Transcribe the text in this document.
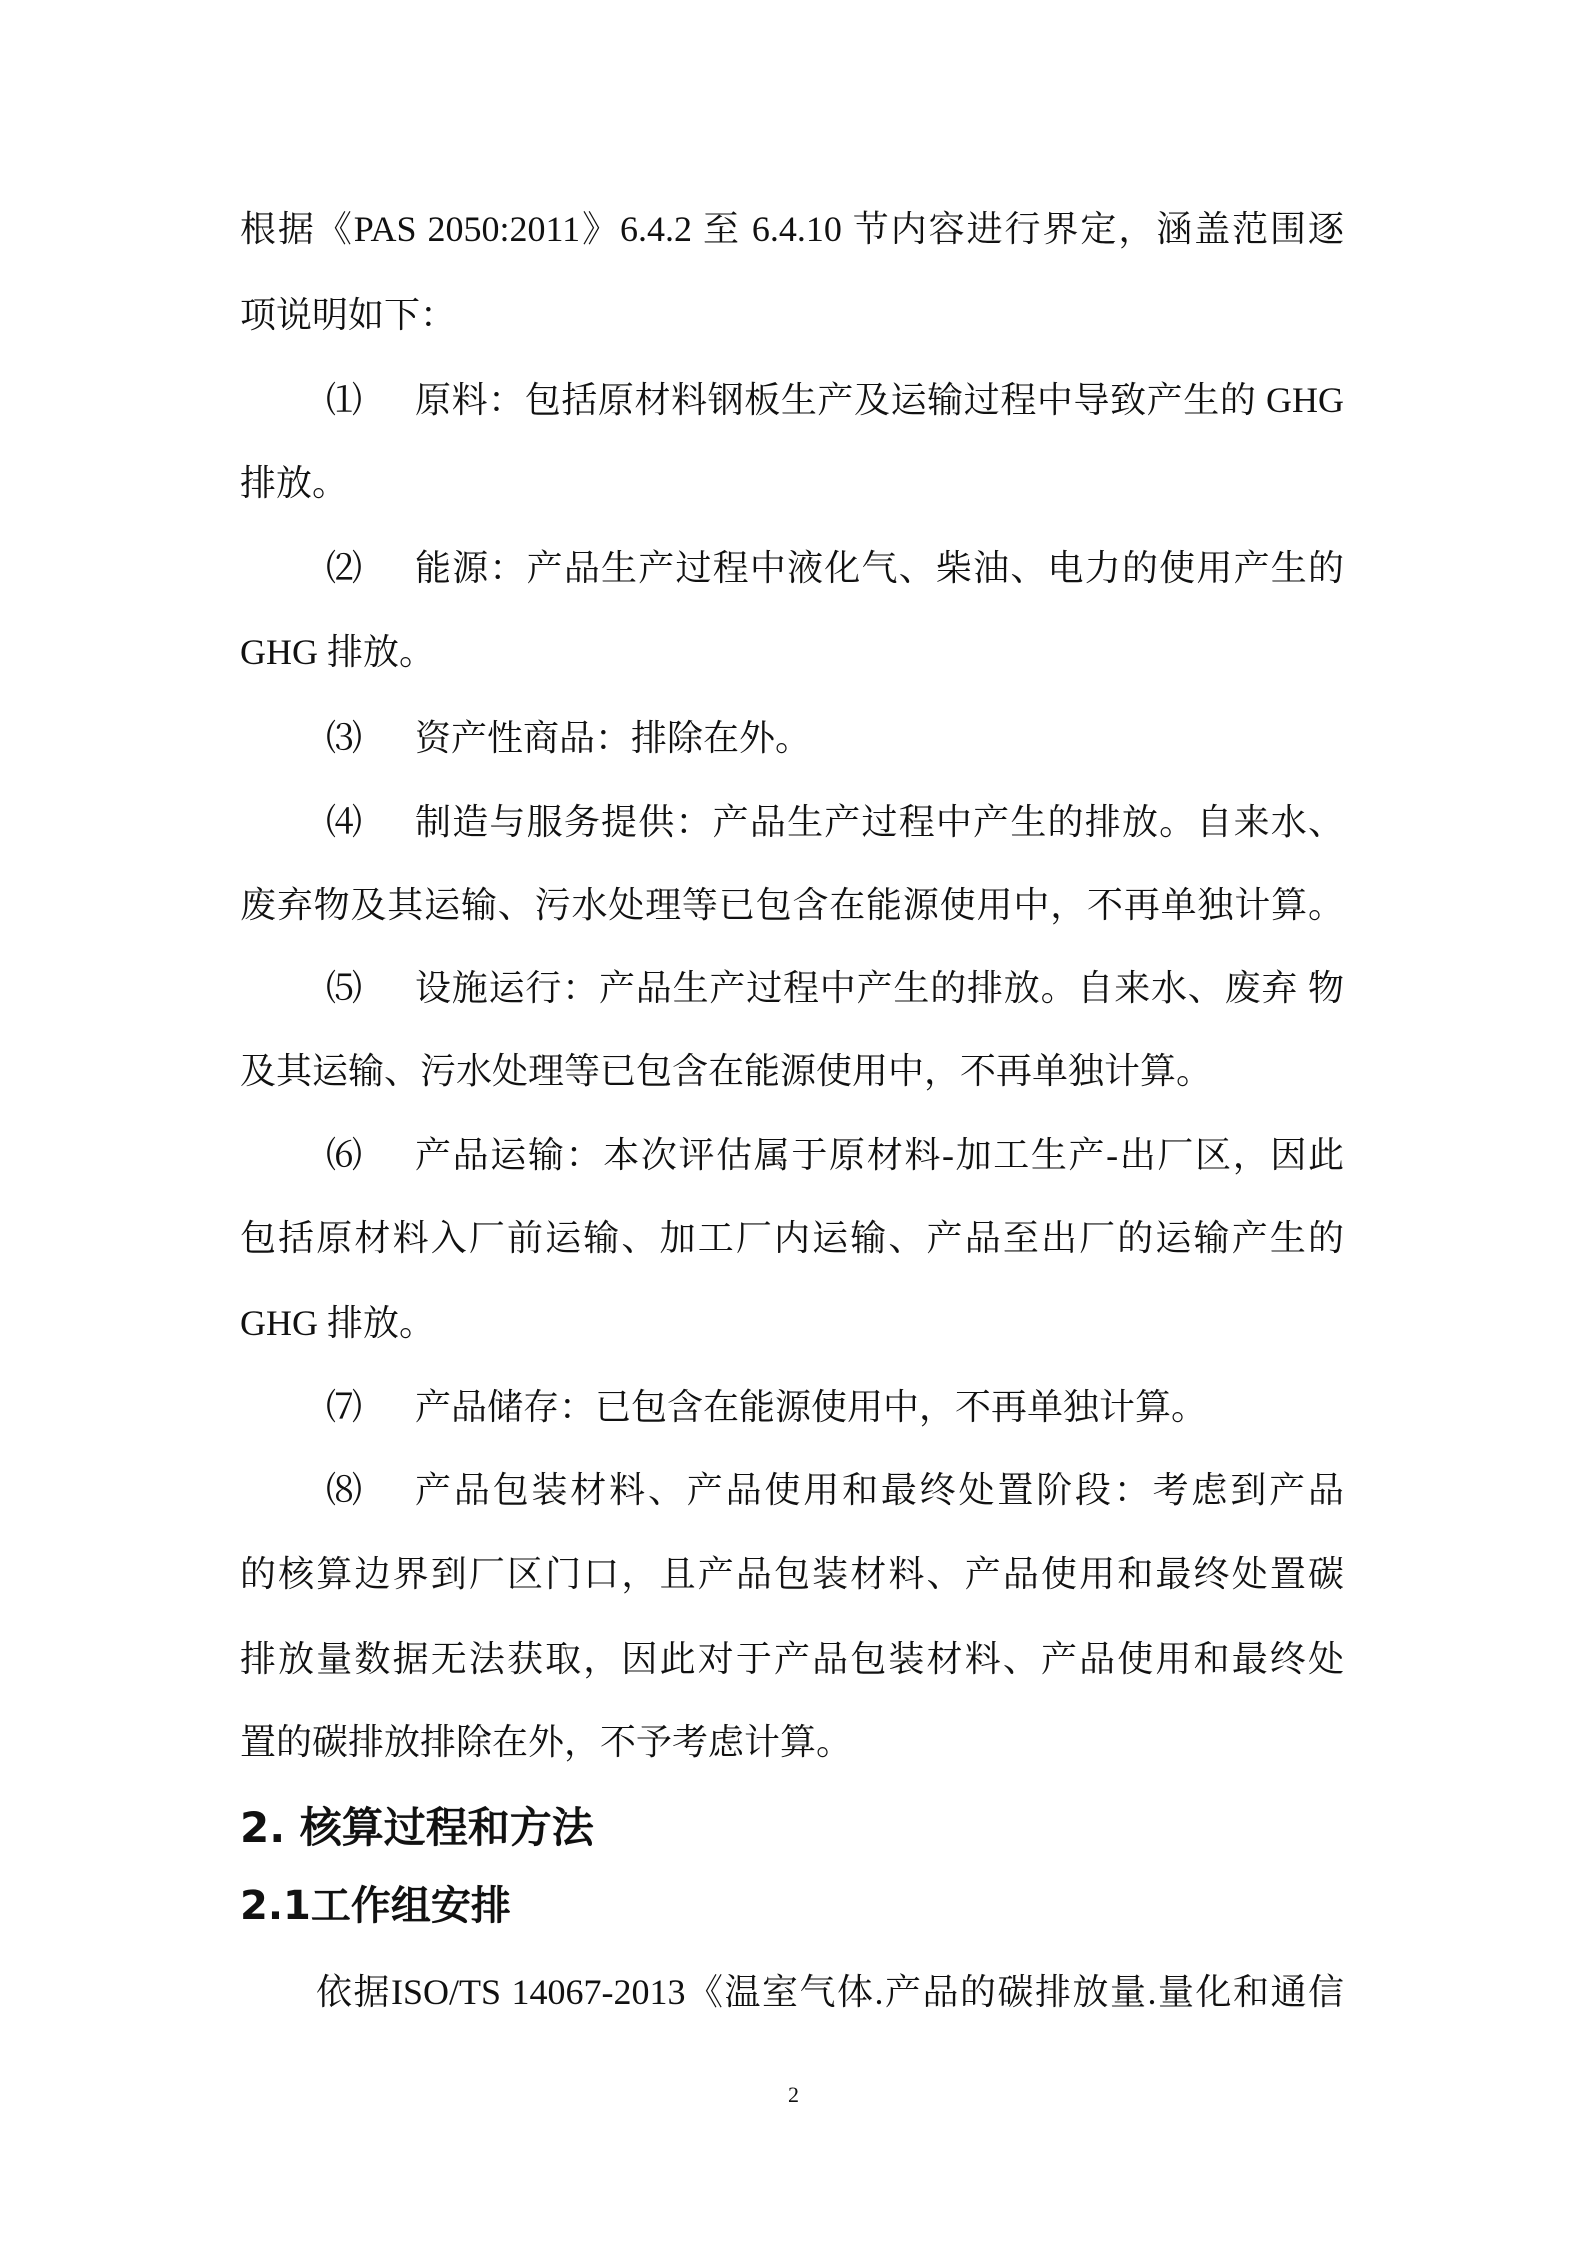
根据《PAS 2050:2011》6.4.2 至 6.4.10 节内容进行界定，涵盖范围逐
项说明如下：
⑴	原料：包括原材料钢板生产及运输过程中导致产生的 GHG
排放。
⑵	能源：产品生产过程中液化气、柴油、电力的使用产生的
GHG 排放。
⑶	资产性商品：排除在外。
⑷	制造与服务提供：产品生产过程中产生的排放。自来水、
废弃物及其运输、污水处理等已包含在能源使用中，不再单独计算。
⑸	设施运行：产品生产过程中产生的排放。自来水、废弃 物
及其运输、污水处理等已包含在能源使用中，不再单独计算。
⑹	产品运输：本次评估属于原材料-加工生产-出厂区，因此
包括原材料入厂前运输、加工厂内运输、产品至出厂的运输产生的
GHG 排放。
⑺	产品储存：已包含在能源使用中，不再单独计算。
⑻	产品包装材料、产品使用和最终处置阶段：考虑到产品
的核算边界到厂区门口，且产品包装材料、产品使用和最终处置碳
排放量数据无法获取，因此对于产品包装材料、产品使用和最终处
置的碳排放排除在外，不予考虑计算。
2. 核算过程和方法
2.1工作组安排
依据ISO/TS 14067-2013《温室气体.产品的碳排放量.量化和通信
2
